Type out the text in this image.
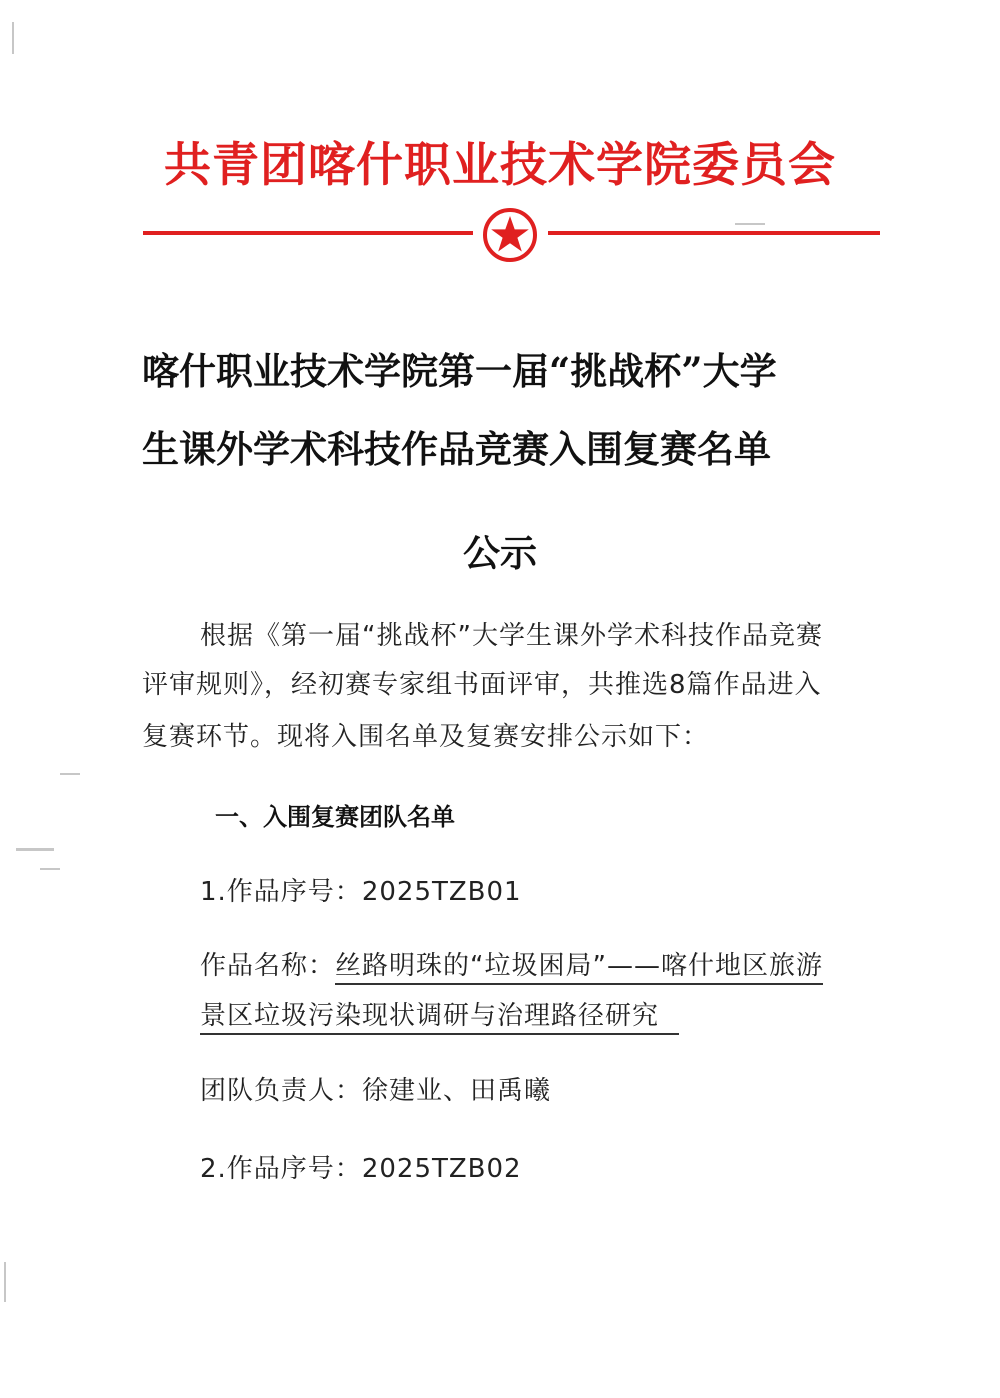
共青团喀什职业技术学院委员会
喀什职业技术学院第一届“挑战杯”大学
生课外学术科技作品竞赛入围复赛名单
公示
根据《第一届“挑战杯”大学生课外学术科技作品竞赛
评审规则》，经初赛专家组书面评审，共推选8篇作品进入
复赛环节。现将入围名单及复赛安排公示如下：
一、入围复赛团队名单
1.作品序号：2025TZB01
作品名称：丝路明珠的“垃圾困局”——喀什地区旅游
景区垃圾污染现状调研与治理路径研究
团队负责人：徐建业、田禹曦
2.作品序号：2025TZB02
